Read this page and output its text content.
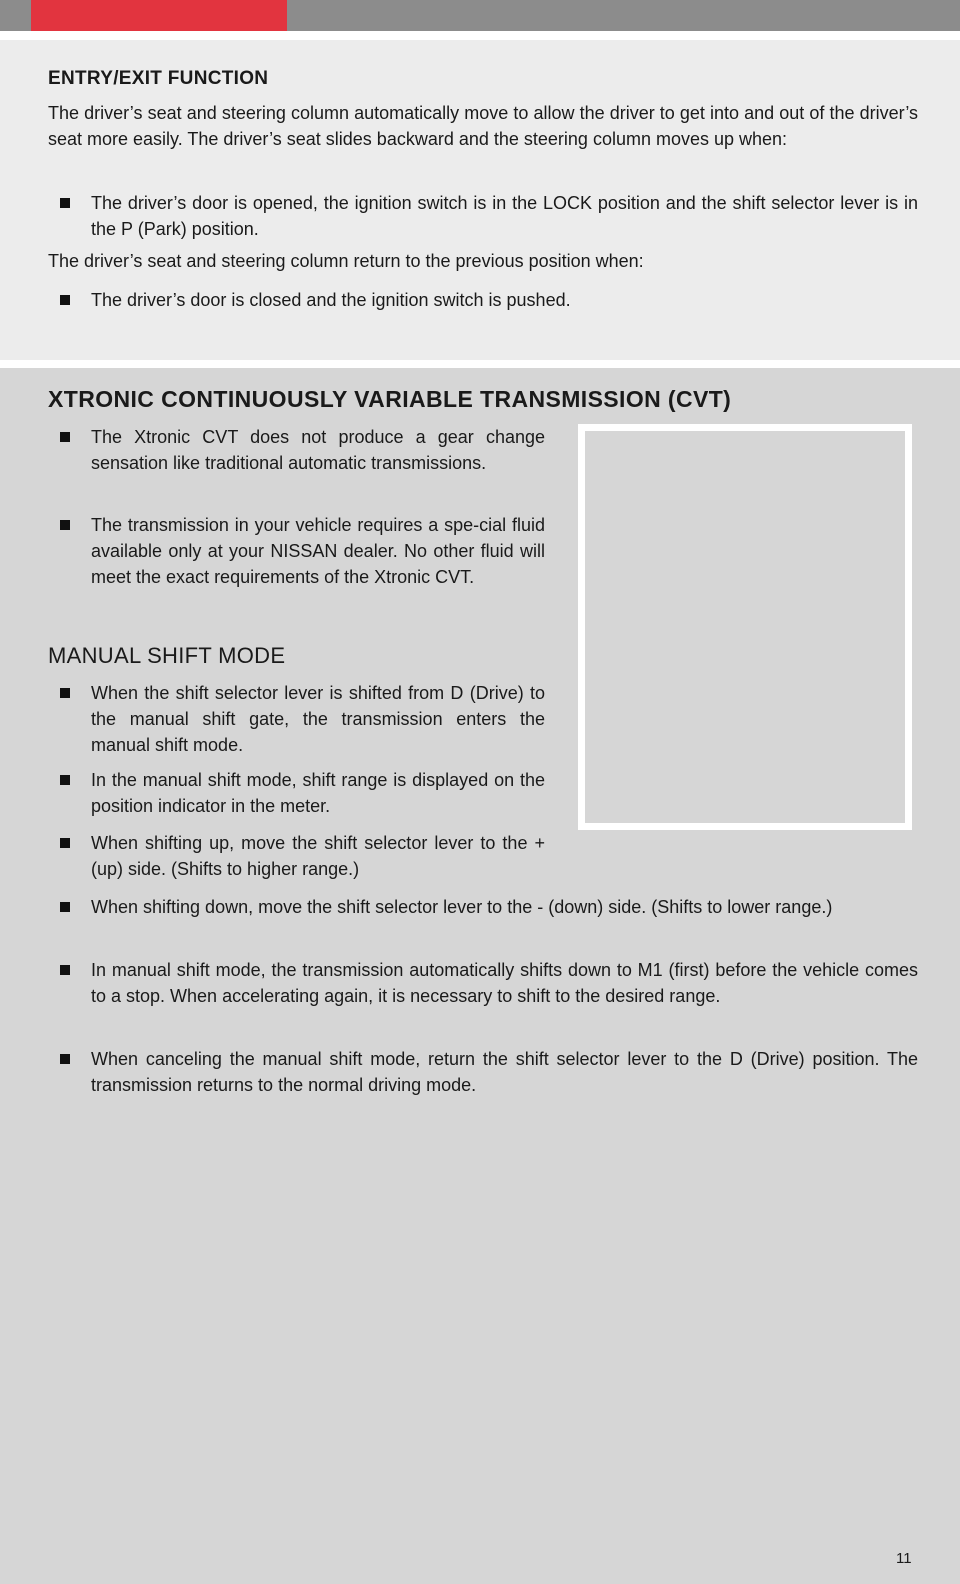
ENTRY/EXIT FUNCTION

The driver’s seat and steering column automatically move to allow the driver to get into and out of the driver’s seat more easily. The driver’s seat slides backward and the steering column moves up when:

The driver’s door is opened, the ignition switch is in the LOCK position and the shift selector lever is in the P (Park) position.

The driver’s seat and steering column return to the previous position when:

The driver’s door is closed and the ignition switch is pushed.
XTRONIC CONTINUOUSLY VARIABLE TRANSMISSION (CVT)
The Xtronic CVT does not produce a gear change sensation like traditional automatic transmissions.
The transmission in your vehicle requires a spe-cial fluid available only at your NISSAN dealer. No other fluid will meet the exact requirements of the Xtronic CVT.
MANUAL SHIFT MODE
When the shift selector lever is shifted from D (Drive) to the manual shift gate, the transmission enters the manual shift mode.
In the manual shift mode, shift range is displayed on the position indicator in the meter.
When shifting up, move the shift selector lever to the + (up) side. (Shifts to higher range.)
When shifting down, move the shift selector lever to the - (down) side. (Shifts to lower range.)
In manual shift mode, the transmission automatically shifts down to M1 (first) before the vehicle comes to a stop. When accelerating again, it is necessary to shift to the desired range.
When canceling the manual shift mode, return the shift selector lever to the D (Drive) position. The transmission returns to the normal driving mode.
11
